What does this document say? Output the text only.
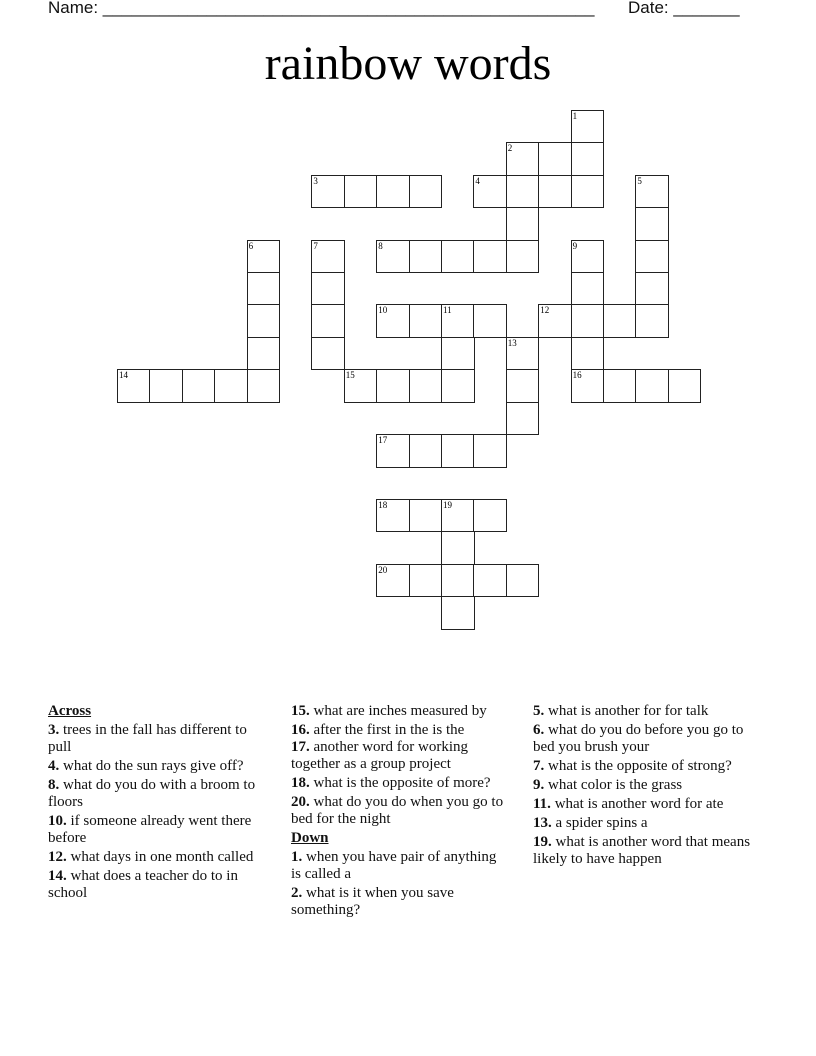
Name: ____________________________________________________ Date: _______
rainbow words
1
2
3	4	5
6	7	8	9
10	11	12
13
14	15	16
17
18	19
20
Across
3. trees in the fall has different to pull
4. what do the sun rays give off?
8. what do you do with a broom to floors
10. if someone already went there before
12. what days in one month called
14. what does a teacher do to in school
15. what are inches measured by
16. after the first in the is the
17. another word for working together as a group project
18. what is the opposite of more?
20. what do you do when you go to bed for the night
Down
1. when you have pair of anything is called a
2. what is it when you save something?
5. what is another for for talk
6. what do you do before you go to bed you brush your
7. what is the opposite of strong?
9. what color is the grass
11. what is another word for ate
13. a spider spins a
19. what is another word that means likely to have happen
